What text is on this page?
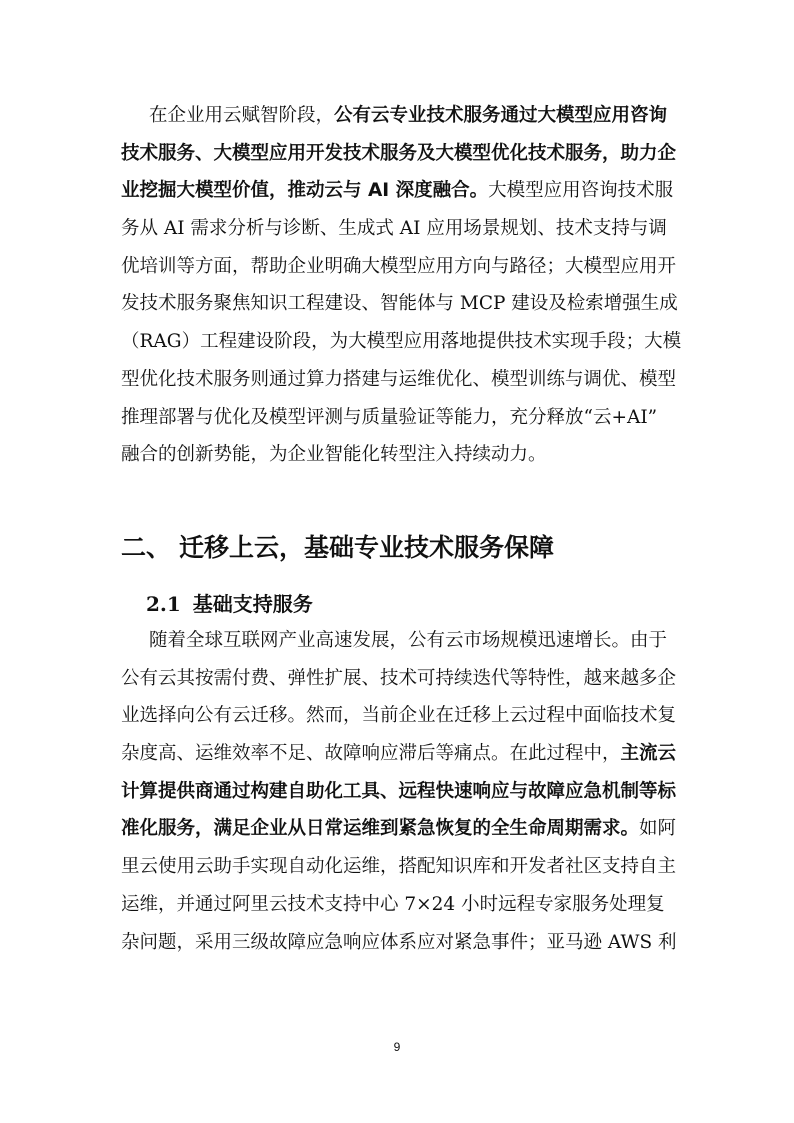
在企业用云赋智阶段，公有云专业技术服务通过大模型应用咨询
技术服务、大模型应用开发技术服务及大模型优化技术服务，助力企
业挖掘大模型价值，推动云与 AI 深度融合。大模型应用咨询技术服
务从 AI 需求分析与诊断、生成式 AI 应用场景规划、技术支持与调
优培训等方面，帮助企业明确大模型应用方向与路径；大模型应用开
发技术服务聚焦知识工程建设、智能体与 MCP 建设及检索增强生成
（RAG）工程建设阶段，为大模型应用落地提供技术实现手段；大模
型优化技术服务则通过算力搭建与运维优化、模型训练与调优、模型
推理部署与优化及模型评测与质量验证等能力，充分释放“云+AI”
融合的创新势能，为企业智能化转型注入持续动力。
二、 迁移上云，基础专业技术服务保障
2.1 基础支持服务
随着全球互联网产业高速发展，公有云市场规模迅速增长。由于
公有云其按需付费、弹性扩展、技术可持续迭代等特性，越来越多企
业选择向公有云迁移。然而，当前企业在迁移上云过程中面临技术复
杂度高、运维效率不足、故障响应滞后等痛点。在此过程中，主流云
计算提供商通过构建自助化工具、远程快速响应与故障应急机制等标
准化服务，满足企业从日常运维到紧急恢复的全生命周期需求。如阿
里云使用云助手实现自动化运维，搭配知识库和开发者社区支持自主
运维，并通过阿里云技术支持中心 7×24 小时远程专家服务处理复
杂问题，采用三级故障应急响应体系应对紧急事件；亚马逊 AWS 利
9
